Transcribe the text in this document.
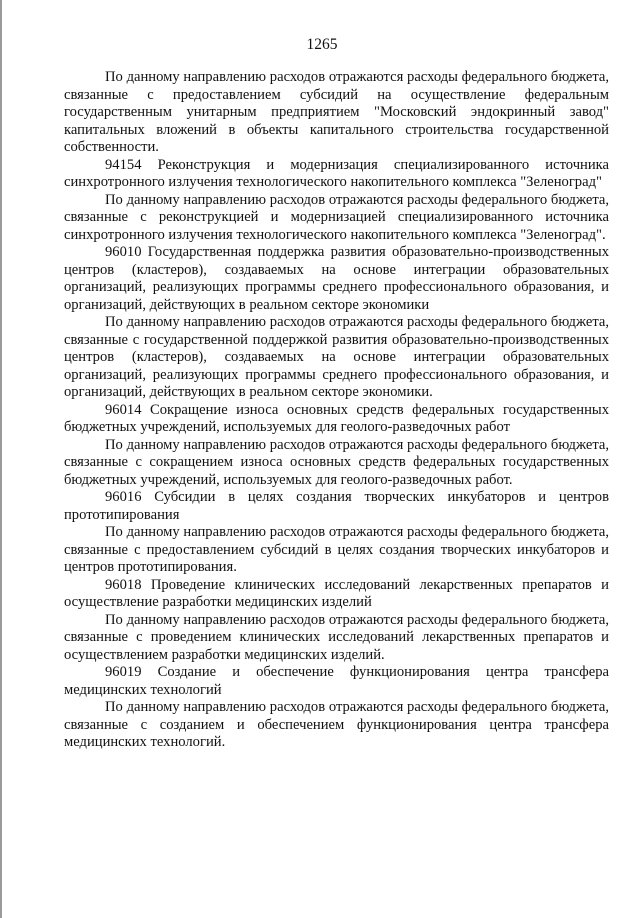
1265

По данному направлению расходов отражаются расходы федерального бюджета, связанные с предоставлением субсидий на осуществление федеральным государственным унитарным предприятием "Московский эндокринный завод" капитальных вложений в объекты капитального строительства государственной собственности.

94154 Реконструкция и модернизация специализированного источника синхротронного излучения технологического накопительного комплекса "Зеленоград"

По данному направлению расходов отражаются расходы федерального бюджета, связанные с реконструкцией и модернизацией специализированного источника синхротронного излучения технологического накопительного комплекса "Зеленоград".

96010 Государственная поддержка развития образовательно-производственных центров (кластеров), создаваемых на основе интеграции образовательных организаций, реализующих программы среднего профессионального образования, и организаций, действующих в реальном секторе экономики

По данному направлению расходов отражаются расходы федерального бюджета, связанные с государственной поддержкой развития образовательно-производственных центров (кластеров), создаваемых на основе интеграции образовательных организаций, реализующих программы среднего профессионального образования, и организаций, действующих в реальном секторе экономики.

96014 Сокращение износа основных средств федеральных государственных бюджетных учреждений, используемых для геолого-разведочных работ

По данному направлению расходов отражаются расходы федерального бюджета, связанные с сокращением износа основных средств федеральных государственных бюджетных учреждений, используемых для геолого-разведочных работ.

96016 Субсидии в целях создания творческих инкубаторов и центров прототипирования

По данному направлению расходов отражаются расходы федерального бюджета, связанные с предоставлением субсидий в целях создания творческих инкубаторов и центров прототипирования.

96018 Проведение клинических исследований лекарственных препаратов и осуществление разработки медицинских изделий

По данному направлению расходов отражаются расходы федерального бюджета, связанные с проведением клинических исследований лекарственных препаратов и осуществлением разработки медицинских изделий.

96019 Создание и обеспечение функционирования центра трансфера медицинских технологий

По данному направлению расходов отражаются расходы федерального бюджета, связанные с созданием и обеспечением функционирования центра трансфера медицинских технологий.
